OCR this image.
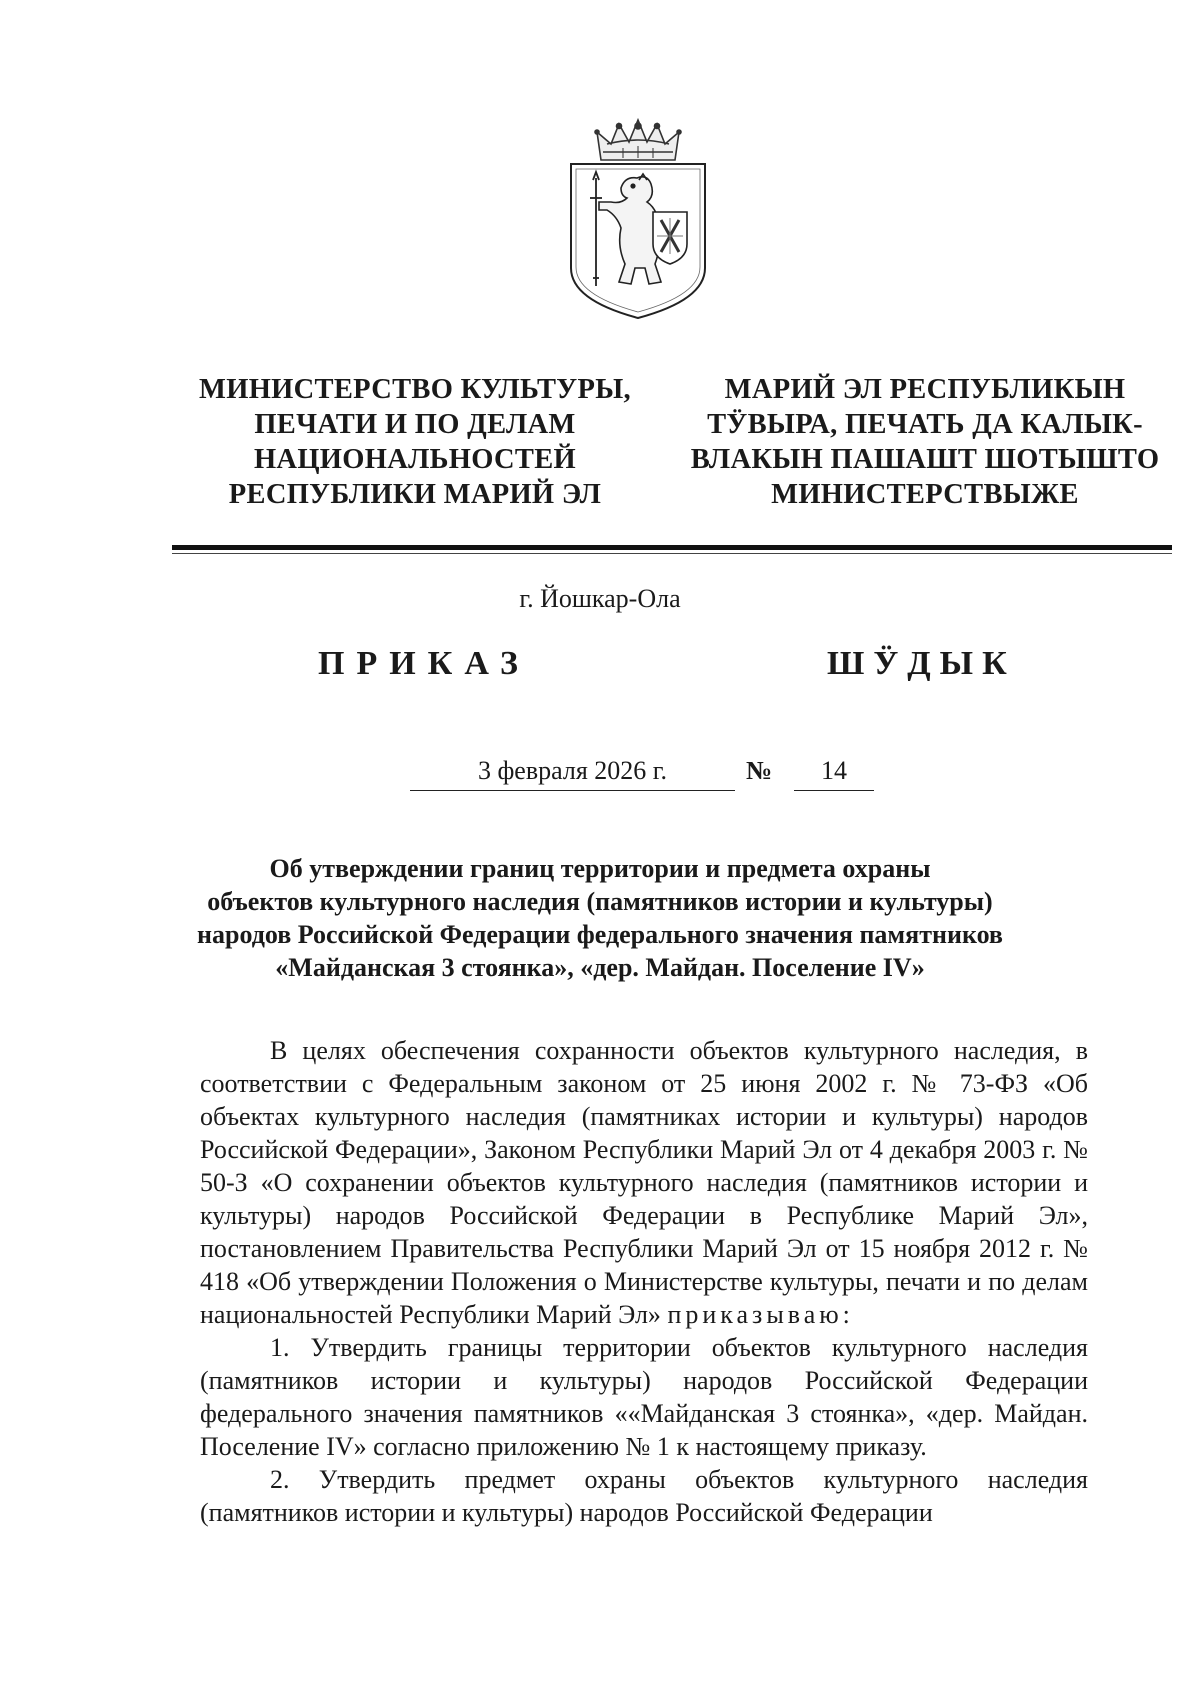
МИНИСТЕРСТВО КУЛЬТУРЫ,
ПЕЧАТИ И ПО ДЕЛАМ
НАЦИОНАЛЬНОСТЕЙ
РЕСПУБЛИКИ МАРИЙ ЭЛ
МАРИЙ ЭЛ РЕСПУБЛИКЫН
ТӰВЫРА, ПЕЧАТЬ ДА КАЛЫК-
ВЛАКЫН ПАШАШТ ШОТЫШТО
МИНИСТЕРСТВЫЖЕ
г. Йошкар-Ола
ПРИКАЗ	ШӰДЫК
3 февраля 2026 г.	№	14
Об утверждении границ территории и предмета охраны
объектов культурного наследия (памятников истории и культуры)
народов Российской Федерации федерального значения памятников
«Майданская 3 стоянка», «дер. Майдан. Поселение IV»

В целях обеспечения сохранности объектов культурного наследия, в соответствии с Федеральным законом от 25 июня 2002 г. № 73-ФЗ «Об объектах культурного наследия (памятниках истории и культуры) народов Российской Федерации», Законом Республики Марий Эл от 4 декабря 2003 г. № 50-З «О сохранении объектов культурного наследия (памятников истории и культуры) народов Российской Федерации в Республике Марий Эл», постановлением Правительства Республики Марий Эл от 15 ноября 2012 г. № 418 «Об утверждении Положения о Министерстве культуры, печати и по делам национальностей Республики Марий Эл» приказываю:

1. Утвердить границы территории объектов культурного наследия (памятников истории и культуры) народов Российской Федерации федерального значения памятников ««Майданская 3 стоянка», «дер. Майдан. Поселение IV» согласно приложению № 1 к настоящему приказу.

2. Утвердить предмет охраны объектов культурного наследия (памятников истории и культуры) народов Российской Федерации
